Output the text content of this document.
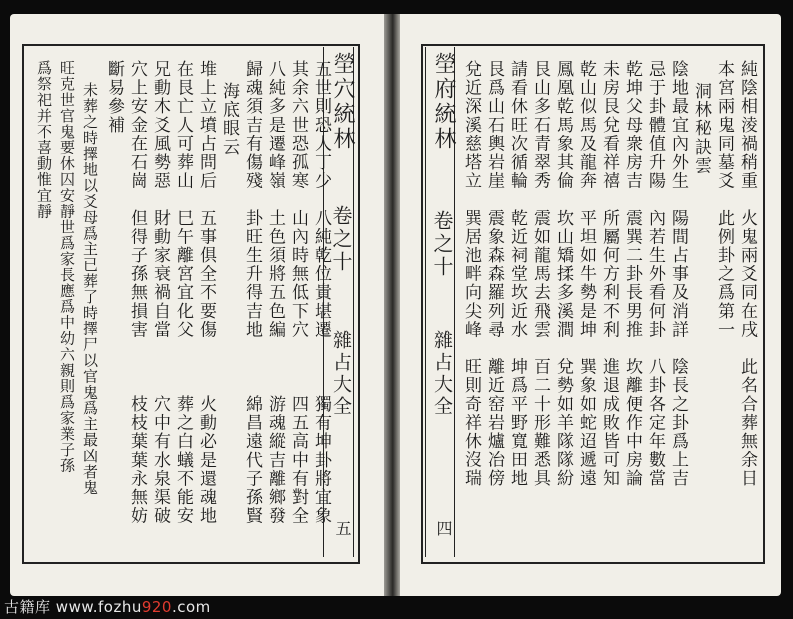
五世則恐人丁少　八純乾位貴堪遷
其余六世恐孤寒　山內時無低下穴
八純多是遷峰嶺　土色須將五色編
歸魂須吉有傷殘　卦旺生升得吉地
海底眼云
堆上立墳占問后　五事俱全不要傷
在艮亡人可葬山　巳午離宮宜化父
兄動木爻風勢惡　財動家衰禍自當
穴上安金在石崗　但得子孫無損害
獨有坤卦將宜象
四五高中有對全
游魂縱吉離鄉發
綿昌遠代子孫賢
火動必是還魂地
葬之白蟻不能安
穴中有水泉渠破
枝枝葉葉永無妨
斷易參補
未葬之時擇地以爻母爲主已葬了時擇尸以官鬼爲主最凶者鬼
旺克世官鬼要休囚安靜世爲家長應爲中幼六親則爲家業子孫
爲祭祀并不喜動惟宜靜	塋穴統林
卷之十
雜占大全
五
塋府統林
卷之十
雜占大全
四
純陰相淩禍稍重　火鬼兩爻同在戌　此名合葬無余日
本宮兩鬼同墓爻　此例卦之爲第一
洞林秘訣雲
陰地最宜內外生　陽間占事及消詳　陰長之卦爲上吉
忌于卦體值升陽　內若生外看何卦　八卦各定年數當
乾坤父母衆房吉　震巽二卦長男推　坎離便作中房論
未房艮兌看祥禧　所屬何方利不利　進退成敗皆可知
乾山似馬及龍奔　平坦如牛勢是坤　巽象如蛇迢遞遠
鳳凰乾馬象其倫　坎山矯揉多溪澗　兌勢如羊隊隊紛
艮山多石青翠秀　震如龍馬去飛雲　百二十形難悉具
請看休旺次循輪　乾近祠堂坎近水　坤爲平野寬田地
艮爲山石輿岩崖　震象森森羅列尋　離近窑岩爐冶傍
兌近深溪慈塔立　巽居池畔向尖峰　旺則奇祥休沒瑞
古籍库 www.fozhu920.com
